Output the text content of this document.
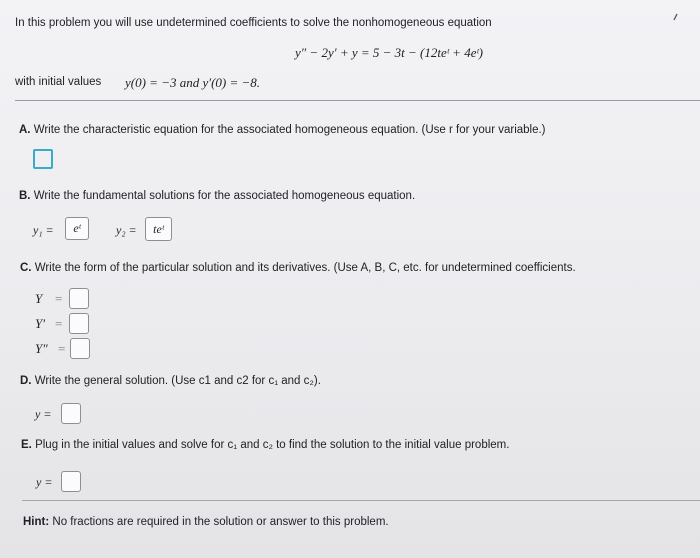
In this problem you will use undetermined coefficients to solve the nonhomogeneous equation
y″ − 2y′ + y = 5 − 3t − (12teᵗ + 4eᵗ)
with initial values y(0) = −3 and y′(0) = −8.
A. Write the characteristic equation for the associated homogeneous equation. (Use r for your variable.)
B. Write the fundamental solutions for the associated homogeneous equation.
y₁ =	eᵗ	y₂ =	teᵗ
C. Write the form of the particular solution and its derivatives. (Use A, B, C, etc. for undetermined coefficients.
Y =
Y′ =
Y″ =
D. Write the general solution. (Use c1 and c2 for c₁ and c₂).
y =
E. Plug in the initial values and solve for c₁ and c₂ to find the solution to the initial value problem.
y =
Hint: No fractions are required in the solution or answer to this problem.
